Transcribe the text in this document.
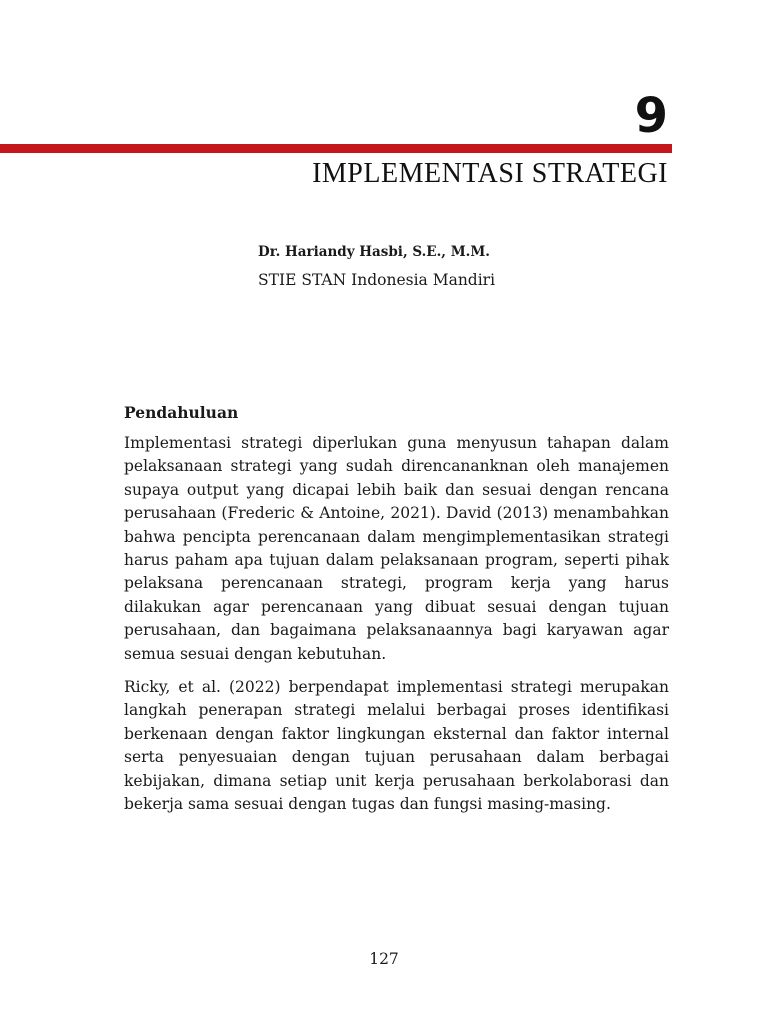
9
IMPLEMENTASI STRATEGI
Dr. Hariandy Hasbi, S.E., M.M.
STIE STAN Indonesia Mandiri
Pendahuluan

Implementasi strategi diperlukan guna menyusun tahapan dalam pelaksanaan strategi yang sudah direncananknan oleh manajemen supaya output yang dicapai lebih baik dan sesuai dengan rencana perusahaan (Frederic & Antoine, 2021). David (2013) menambahkan bahwa pencipta perencanaan dalam mengimplementasikan strategi harus paham apa tujuan dalam pelaksanaan program, seperti pihak pelaksana perencanaan strategi, program kerja yang harus dilakukan agar perencanaan yang dibuat sesuai dengan tujuan perusahaan, dan bagaimana pelaksanaannya bagi karyawan agar semua sesuai dengan kebutuhan.

Ricky, et al. (2022) berpendapat implementasi strategi merupakan langkah penerapan strategi melalui berbagai proses identifikasi berkenaan dengan faktor lingkungan eksternal dan faktor internal serta penyesuaian dengan tujuan perusahaan dalam berbagai kebijakan, dimana setiap unit kerja perusahaan berkolaborasi dan bekerja sama sesuai dengan tugas dan fungsi masing-masing.

127
